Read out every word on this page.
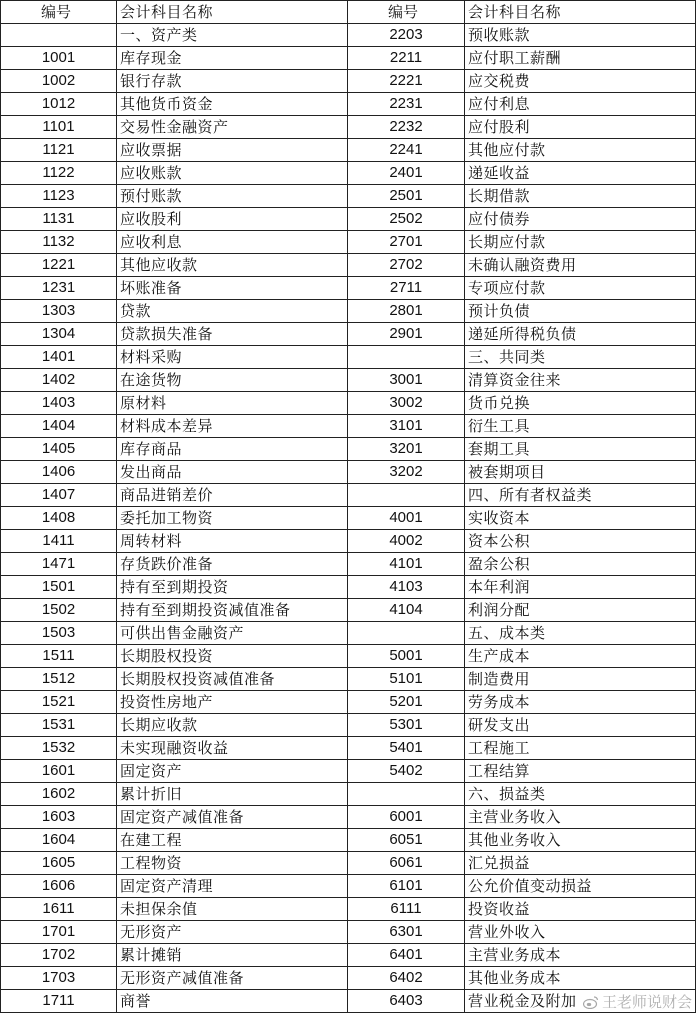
编号	会计科目名称	编号	会计科目名称
	一、资产类	2203	预收账款
1001	库存现金	2211	应付职工薪酬
1002	银行存款	2221	应交税费
1012	其他货币资金	2231	应付利息
1101	交易性金融资产	2232	应付股利
1121	应收票据	2241	其他应付款
1122	应收账款	2401	递延收益
1123	预付账款	2501	长期借款
1131	应收股利	2502	应付债券
1132	应收利息	2701	长期应付款
1221	其他应收款	2702	未确认融资费用
1231	坏账准备	2711	专项应付款
1303	贷款	2801	预计负债
1304	贷款损失准备	2901	递延所得税负债
1401	材料采购		三、共同类
1402	在途货物	3001	清算资金往来
1403	原材料	3002	货币兑换
1404	材料成本差异	3101	衍生工具
1405	库存商品	3201	套期工具
1406	发出商品	3202	被套期项目
1407	商品进销差价		四、所有者权益类
1408	委托加工物资	4001	实收资本
1411	周转材料	4002	资本公积
1471	存货跌价准备	4101	盈余公积
1501	持有至到期投资	4103	本年利润
1502	持有至到期投资减值准备	4104	利润分配
1503	可供出售金融资产		五、成本类
1511	长期股权投资	5001	生产成本
1512	长期股权投资减值准备	5101	制造费用
1521	投资性房地产	5201	劳务成本
1531	长期应收款	5301	研发支出
1532	未实现融资收益	5401	工程施工
1601	固定资产	5402	工程结算
1602	累计折旧		六、损益类
1603	固定资产减值准备	6001	主营业务收入
1604	在建工程	6051	其他业务收入
1605	工程物资	6061	汇兑损益
1606	固定资产清理	6101	公允价值变动损益
1611	未担保余值	6111	投资收益
1701	无形资产	6301	营业外收入
1702	累计摊销	6401	主营业务成本
1703	无形资产减值准备	6402	其他业务成本
1711	商誉	6403	营业税金及附加 王老师说财会
